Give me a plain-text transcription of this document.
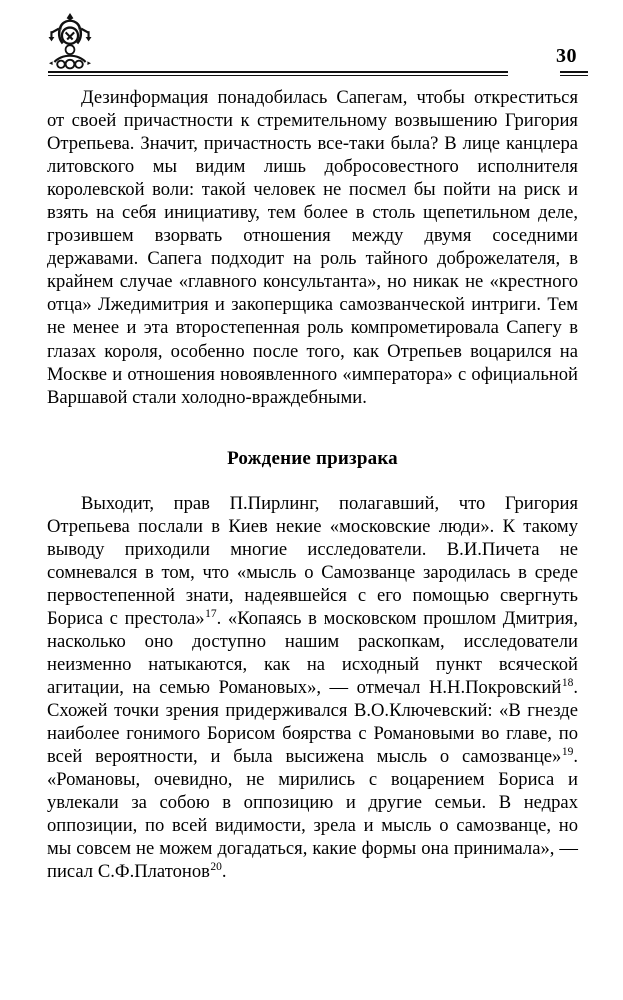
30

Дезинформация понадобилась Сапегам, чтобы откреститься от своей причастности к стремительному возвышению Григория Отрепьева. Значит, причастность все-таки была? В лице канцлера литовского мы видим лишь добросовестного исполнителя королевской воли: такой человек не посмел бы пойти на риск и взять на себя инициативу, тем более в столь щепетильном деле, грозившем взорвать отношения между двумя соседними державами. Сапега подходит на роль тайного доброжелателя, в крайнем случае «главного консультанта», но никак не «крестного отца» Лжедимитрия и закоперщика самозванческой интриги. Тем не менее и эта второстепенная роль компрометировала Сапегу в глазах короля, особенно после того, как Отрепьев воцарился на Москве и отношения новоявленного «императора» с официальной Варшавой стали холодно-враждебными.

Рождение призрака

Выходит, прав П.Пирлинг, полагавший, что Григория Отрепьева послали в Киев некие «московские люди». К такому выводу приходили многие исследователи. В.И.Пичета не сомневался в том, что «мысль о Самозванце зародилась в среде первостепенной знати, надеявшейся с его помощью свергнуть Бориса с престола»$^{17}$. «Копаясь в московском прошлом Дмитрия, насколько оно доступно нашим раскопкам, исследователи неизменно натыкаются, как на исходный пункт всяческой агитации, на семью Романовых», — отмечал Н.Н.Покровский$^{18}$. Схожей точки зрения придерживался В.О.Ключевский: «В гнезде наиболее гонимого Борисом боярства с Романовыми во главе, по всей вероятности, и была высижена мысль о самозванце»$^{19}$. «Романовы, очевидно, не мирились с воцарением Бориса и увлекали за собою в оппозицию и другие семьи. В недрах оппозиции, по всей видимости, зрела и мысль о самозванце, но мы совсем не можем догадаться, какие формы она принимала», — писал С.Ф.Платонов$^{20}$.
